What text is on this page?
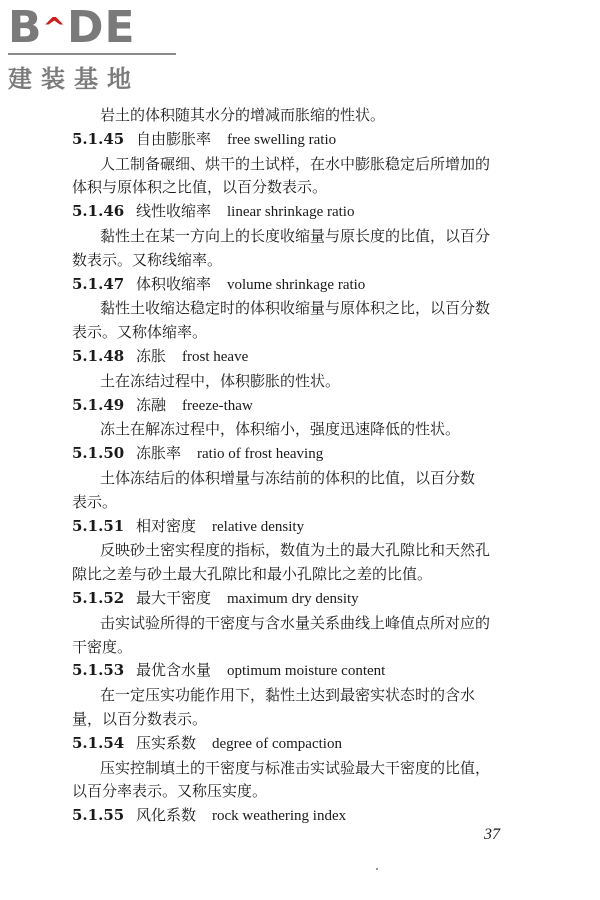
B^DE
建装基地
岩土的体积随其水分的增减而胀缩的性状。
5.1.45 自由膨胀率 free swelling ratio
人工制备碾细、烘干的土试样，在水中膨胀稳定后所增加的
体积与原体积之比值，以百分数表示。
5.1.46 线性收缩率 linear shrinkage ratio
黏性土在某一方向上的长度收缩量与原长度的比值，以百分
数表示。又称线缩率。
5.1.47 体积收缩率 volume shrinkage ratio
黏性土收缩达稳定时的体积收缩量与原体积之比，以百分数
表示。又称体缩率。
5.1.48 冻胀 frost heave
土在冻结过程中，体积膨胀的性状。
5.1.49 冻融 freeze-thaw
冻土在解冻过程中，体积缩小，强度迅速降低的性状。
5.1.50 冻胀率 ratio of frost heaving
土体冻结后的体积增量与冻结前的体积的比值，以百分数
表示。
5.1.51 相对密度 relative density
反映砂土密实程度的指标，数值为土的最大孔隙比和天然孔
隙比之差与砂土最大孔隙比和最小孔隙比之差的比值。
5.1.52 最大干密度 maximum dry density
击实试验所得的干密度与含水量关系曲线上峰值点所对应的
干密度。
5.1.53 最优含水量 optimum moisture content
在一定压实功能作用下，黏性土达到最密实状态时的含水
量，以百分数表示。
5.1.54 压实系数 degree of compaction
压实控制填土的干密度与标准击实试验最大干密度的比值，
以百分率表示。又称压实度。
5.1.55 风化系数 rock weathering index
37
